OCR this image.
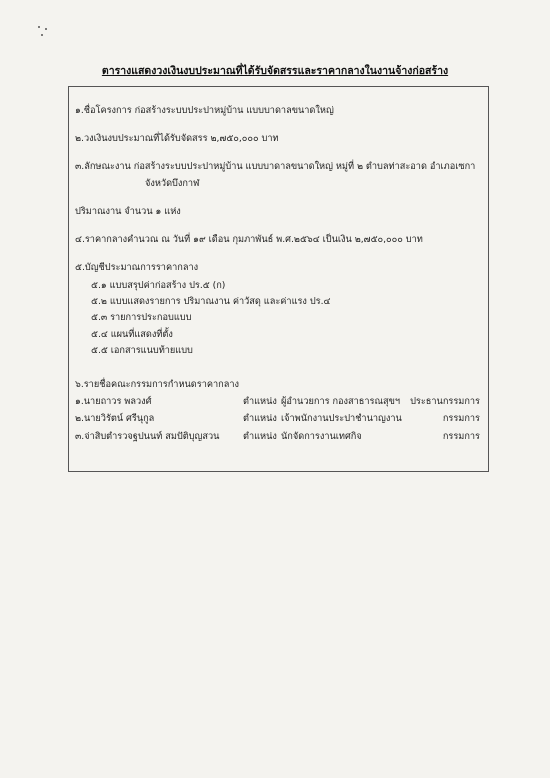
ตารางแสดงวงเงินงบประมาณที่ได้รับจัดสรรและราคากลางในงานจ้างก่อสร้าง
๑.ชื่อโครงการ ก่อสร้างระบบประปาหมู่บ้าน แบบบาดาลขนาดใหญ่
๒.วงเงินงบประมาณที่ได้รับจัดสรร ๒,๗๕๐,๐๐๐ บาท
๓.ลักษณะงาน ก่อสร้างระบบประปาหมู่บ้าน แบบบาดาลขนาดใหญ่ หมู่ที่ ๒ ตำบลท่าสะอาด อำเภอเซกา
จังหวัดบึงกาฬ
ปริมาณงาน จำนวน ๑ แห่ง
๔.ราคากลางคำนวณ ณ วันที่ ๑๙ เดือน กุมภาพันธ์ พ.ศ.๒๕๖๔ เป็นเงิน ๒,๗๕๐,๐๐๐ บาท
๕.บัญชีประมาณการราคากลาง
๕.๑ แบบสรุปค่าก่อสร้าง ปร.๕ (ก)
๕.๒ แบบแสดงรายการ ปริมาณงาน ค่าวัสดุ และค่าแรง ปร.๔
๕.๓ รายการประกอบแบบ
๕.๔ แผนที่แสดงที่ตั้ง
๕.๕ เอกสารแนบท้ายแบบ
๖.รายชื่อคณะกรรมการกำหนดราคากลาง
๑.นายถาวร พลวงศ์	ตำแหน่ง ผู้อำนวยการ กองสาธารณสุขฯ ประธานกรรมการ
๒.นายวิรัตน์ ศรีนุกูล	ตำแหน่ง เจ้าพนักงานประปาชำนาญงาน	กรรมการ
๓.จ่าสิบตำรวจฐปนนท์ สมปัติบุญสวน	ตำแหน่ง นักจัดการงานเทศกิจ	กรรมการ
